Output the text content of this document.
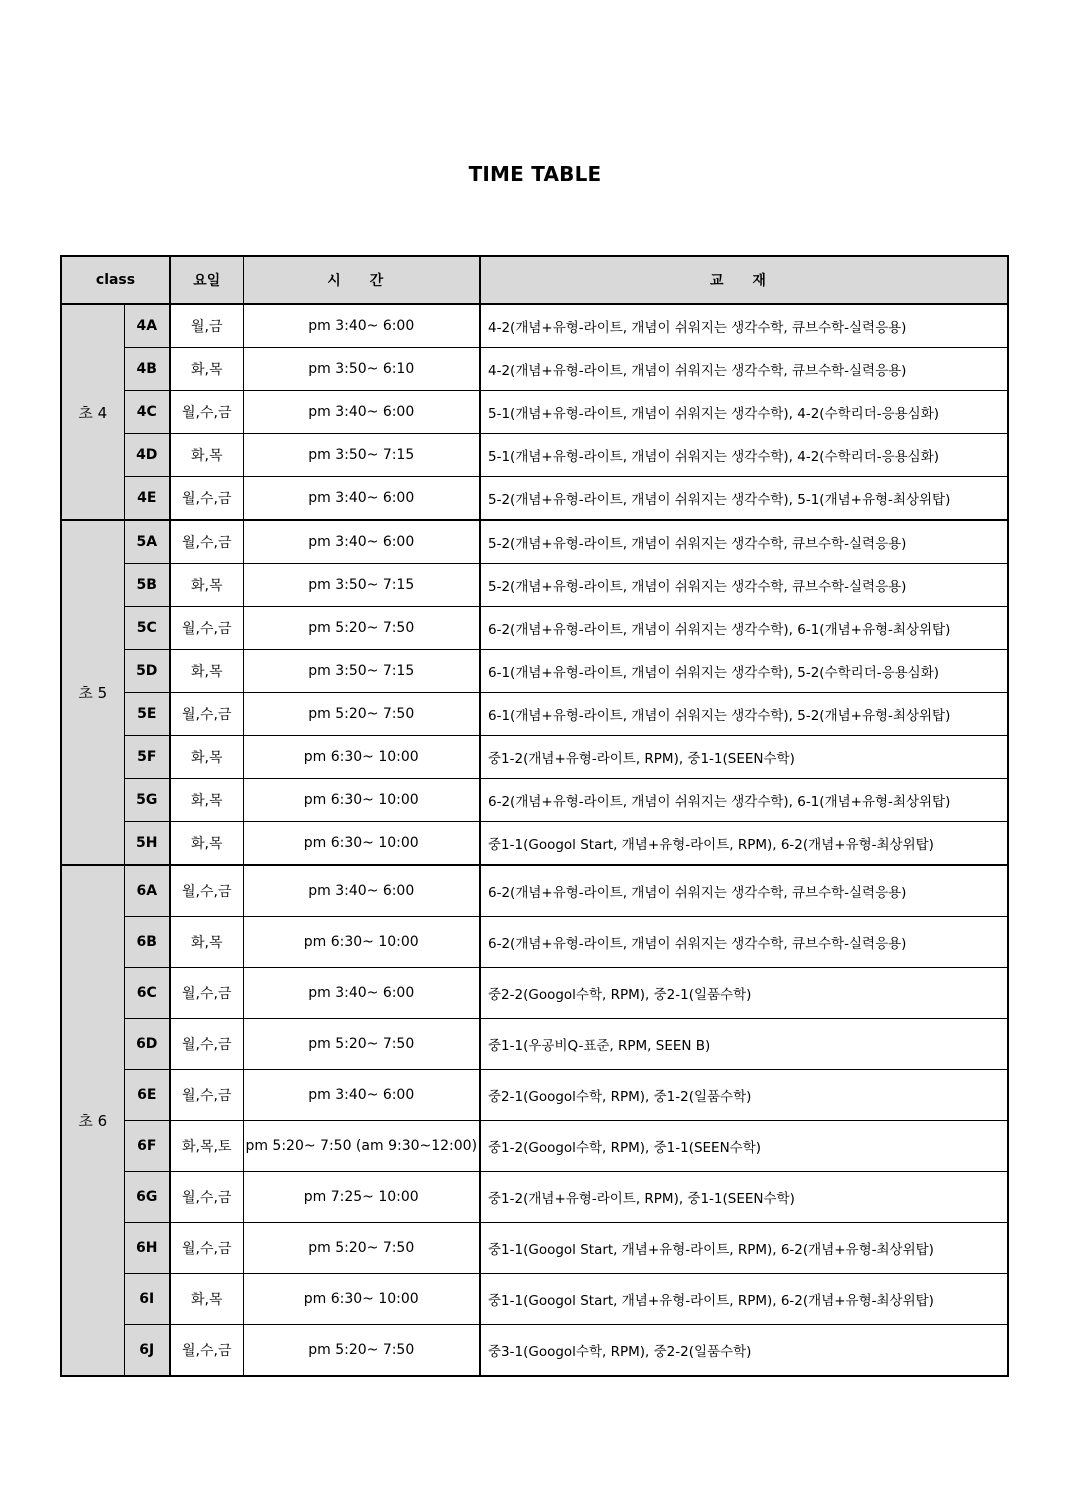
TIME TABLE
class		요일	시 간	교 재
초 4	4A	월,금	pm 3:40~ 6:00	4-2(개념+유형-라이트, 개념이 쉬워지는 생각수학, 큐브수학-실력응용)
	4B	화,목	pm 3:50~ 6:10	4-2(개념+유형-라이트, 개념이 쉬워지는 생각수학, 큐브수학-실력응용)
	4C	월,수,금	pm 3:40~ 6:00	5-1(개념+유형-라이트, 개념이 쉬워지는 생각수학), 4-2(수학리더-응용심화)
	4D	화,목	pm 3:50~ 7:15	5-1(개념+유형-라이트, 개념이 쉬워지는 생각수학), 4-2(수학리더-응용심화)
	4E	월,수,금	pm 3:40~ 6:00	5-2(개념+유형-라이트, 개념이 쉬워지는 생각수학), 5-1(개념+유형-최상위탑)
초 5	5A	월,수,금	pm 3:40~ 6:00	5-2(개념+유형-라이트, 개념이 쉬워지는 생각수학, 큐브수학-실력응용)
	5B	화,목	pm 3:50~ 7:15	5-2(개념+유형-라이트, 개념이 쉬워지는 생각수학, 큐브수학-실력응용)
	5C	월,수,금	pm 5:20~ 7:50	6-2(개념+유형-라이트, 개념이 쉬워지는 생각수학), 6-1(개념+유형-최상위탑)
	5D	화,목	pm 3:50~ 7:15	6-1(개념+유형-라이트, 개념이 쉬워지는 생각수학), 5-2(수학리더-응용심화)
	5E	월,수,금	pm 5:20~ 7:50	6-1(개념+유형-라이트, 개념이 쉬워지는 생각수학), 5-2(개념+유형-최상위탑)
	5F	화,목	pm 6:30~ 10:00	중1-2(개념+유형-라이트, RPM), 중1-1(SEEN수학)
	5G	화,목	pm 6:30~ 10:00	6-2(개념+유형-라이트, 개념이 쉬워지는 생각수학), 6-1(개념+유형-최상위탑)
	5H	화,목	pm 6:30~ 10:00	중1-1(Googol Start, 개념+유형-라이트, RPM), 6-2(개념+유형-최상위탑)
초 6	6A	월,수,금	pm 3:40~ 6:00	6-2(개념+유형-라이트, 개념이 쉬워지는 생각수학, 큐브수학-실력응용)
	6B	화,목	pm 6:30~ 10:00	6-2(개념+유형-라이트, 개념이 쉬워지는 생각수학, 큐브수학-실력응용)
	6C	월,수,금	pm 3:40~ 6:00	중2-2(Googol수학, RPM), 중2-1(일품수학)
	6D	월,수,금	pm 5:20~ 7:50	중1-1(우공비Q-표준, RPM, SEEN B)
	6E	월,수,금	pm 3:40~ 6:00	중2-1(Googol수학, RPM), 중1-2(일품수학)
	6F	화,목,토	pm 5:20~ 7:50 (am 9:30~12:00)	중1-2(Googol수학, RPM), 중1-1(SEEN수학)
	6G	월,수,금	pm 7:25~ 10:00	중1-2(개념+유형-라이트, RPM), 중1-1(SEEN수학)
	6H	월,수,금	pm 5:20~ 7:50	중1-1(Googol Start, 개념+유형-라이트, RPM), 6-2(개념+유형-최상위탑)
	6I	화,목	pm 6:30~ 10:00	중1-1(Googol Start, 개념+유형-라이트, RPM), 6-2(개념+유형-최상위탑)
	6J	월,수,금	pm 5:20~ 7:50	중3-1(Googol수학, RPM), 중2-2(일품수학)
